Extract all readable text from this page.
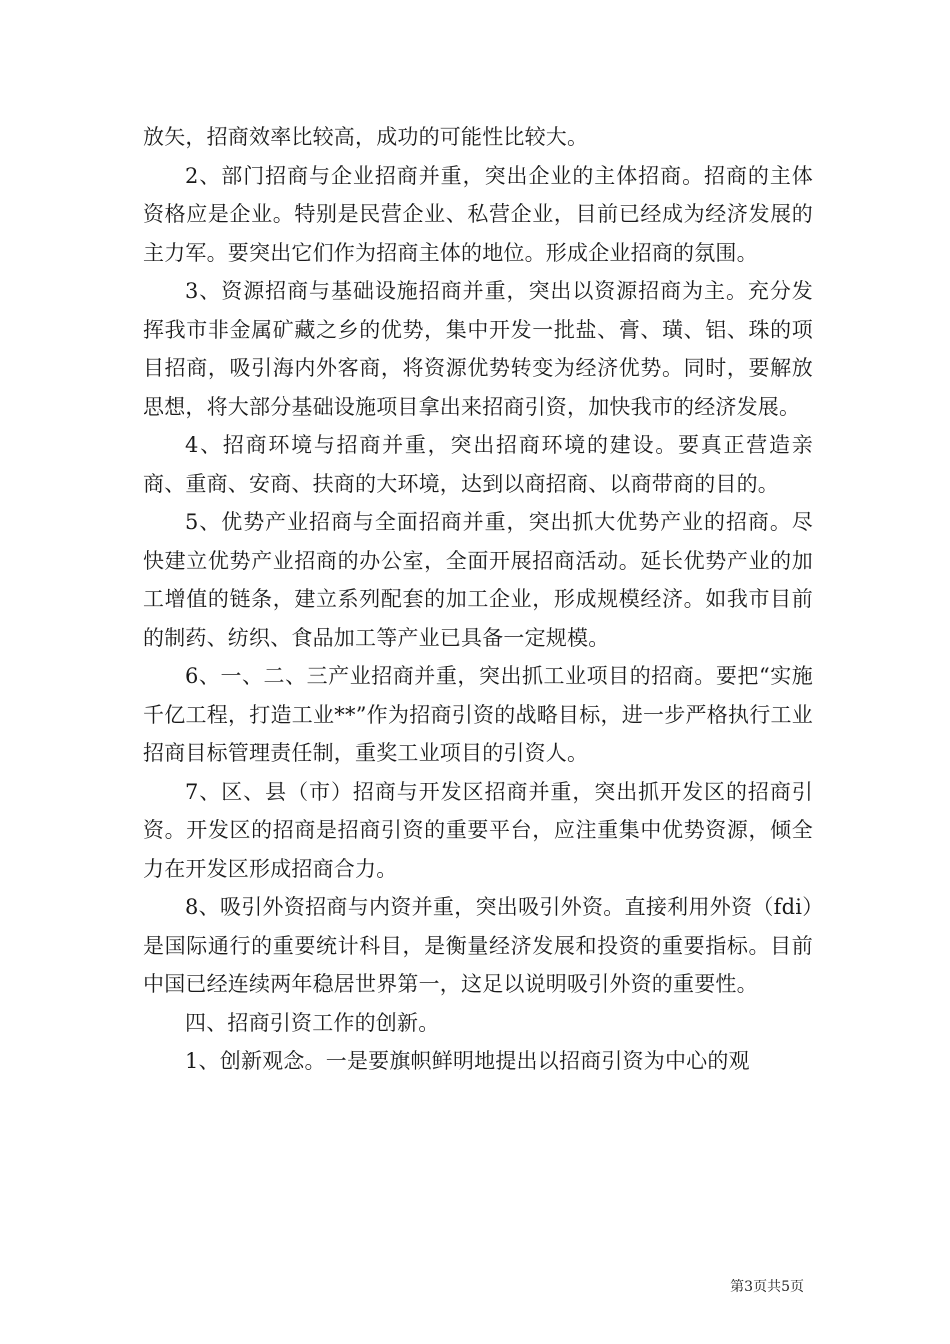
放矢，招商效率比较高，成功的可能性比较大。

2、部门招商与企业招商并重，突出企业的主体招商。招商的主体资格应是企业。特别是民营企业、私营企业，目前已经成为经济发展的主力军。要突出它们作为招商主体的地位。形成企业招商的氛围。

3、资源招商与基础设施招商并重，突出以资源招商为主。充分发挥我市非金属矿藏之乡的优势，集中开发一批盐、膏、璜、铝、珠的项目招商，吸引海内外客商，将资源优势转变为经济优势。同时，要解放思想，将大部分基础设施项目拿出来招商引资，加快我市的经济发展。

4、招商环境与招商并重，突出招商环境的建设。要真正营造亲商、重商、安商、扶商的大环境，达到以商招商、以商带商的目的。

5、优势产业招商与全面招商并重，突出抓大优势产业的招商。尽快建立优势产业招商的办公室，全面开展招商活动。延长优势产业的加工增值的链条，建立系列配套的加工企业，形成规模经济。如我市目前的制药、纺织、食品加工等产业已具备一定规模。

6、一、二、三产业招商并重，突出抓工业项目的招商。要把“实施千亿工程，打造工业**”作为招商引资的战略目标，进一步严格执行工业招商目标管理责任制，重奖工业项目的引资人。

7、区、县（市）招商与开发区招商并重，突出抓开发区的招商引资。开发区的招商是招商引资的重要平台，应注重集中优势资源，倾全力在开发区形成招商合力。

8、吸引外资招商与内资并重，突出吸引外资。直接利用外资（fdi）是国际通行的重要统计科目，是衡量经济发展和投资的重要指标。目前中国已经连续两年稳居世界第一，这足以说明吸引外资的重要性。

四、招商引资工作的创新。

1、创新观念。一是要旗帜鲜明地提出以招商引资为中心的观

第3页共5页
